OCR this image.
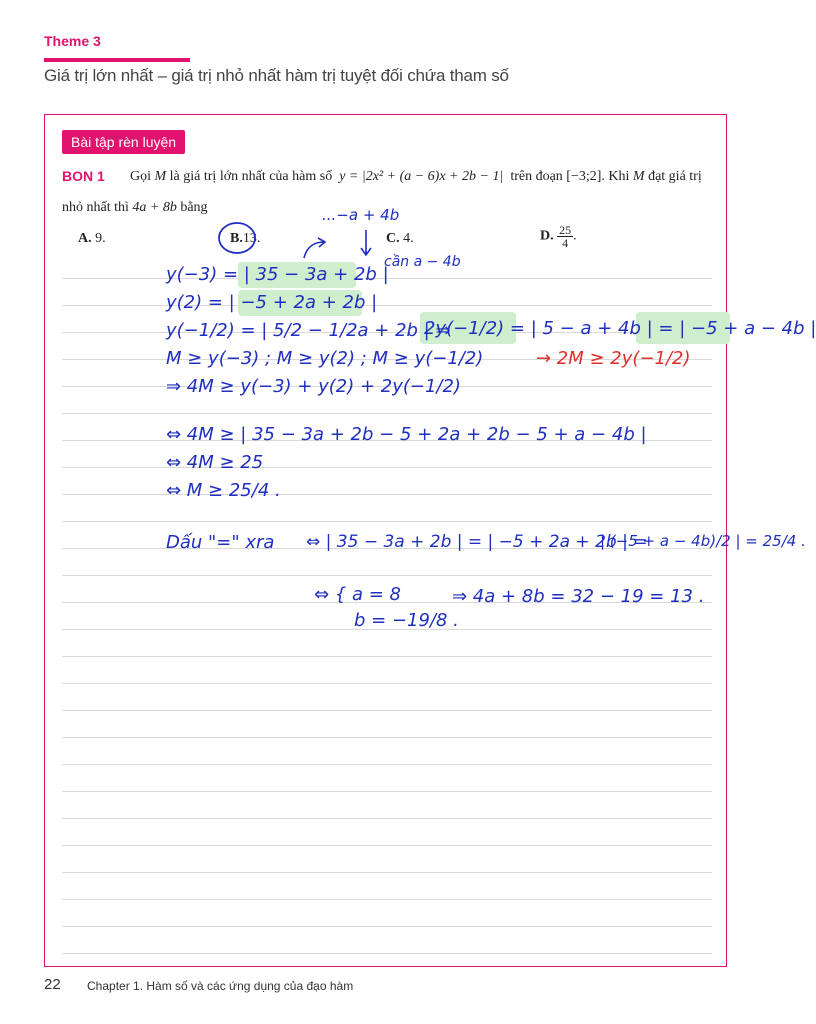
Theme 3
Giá trị lớn nhất – giá trị nhỏ nhất hàm trị tuyệt đối chứa tham số
Bài tập rèn luyện
BON 1 Gọi M là giá trị lớn nhất của hàm số y = |2x² + (a − 6)x + 2b − 1| trên đoạn [−3;2]. Khi M đạt giá trị
nhỏ nhất thì 4a + 8b bằng
A. 9.	B.13.	C. 4.	D. $\frac{25}{4}$ .
...−a + 4b
cần a − 4b
y(−3) = | 35 − 3a + 2b |
y(2) = | −5 + 2a + 2b |
y(−1/2) = | 5/2 − 1/2a + 2b | ⇒
2y(−1/2) = | 5 − a + 4b | = | −5 + a − 4b |
M ≥ y(−3) ; M ≥ y(2) ; M ≥ y(−1/2)	→ 2M ≥ 2y(−1/2)
⇒ 4M ≥ y(−3) + y(2) + 2y(−1/2)
⇔ 4M ≥ | 35 − 3a + 2b − 5 + 2a + 2b − 5 + a − 4b |
⇔ 4M ≥ 25
⇔ M ≥ 25/4 .
Dấu "=" xra ⇔ | 35 − 3a + 2b | = | −5 + 2a + 2b | =
| (−5 + a − 4b)/2 | = 25/4 .
⇔ { a = 8
b = −19/8 .
⇒ 4a + 8b = 32 − 19 = 13 .
22 Chapter 1. Hàm số và các ứng dụng của đạo hàm
